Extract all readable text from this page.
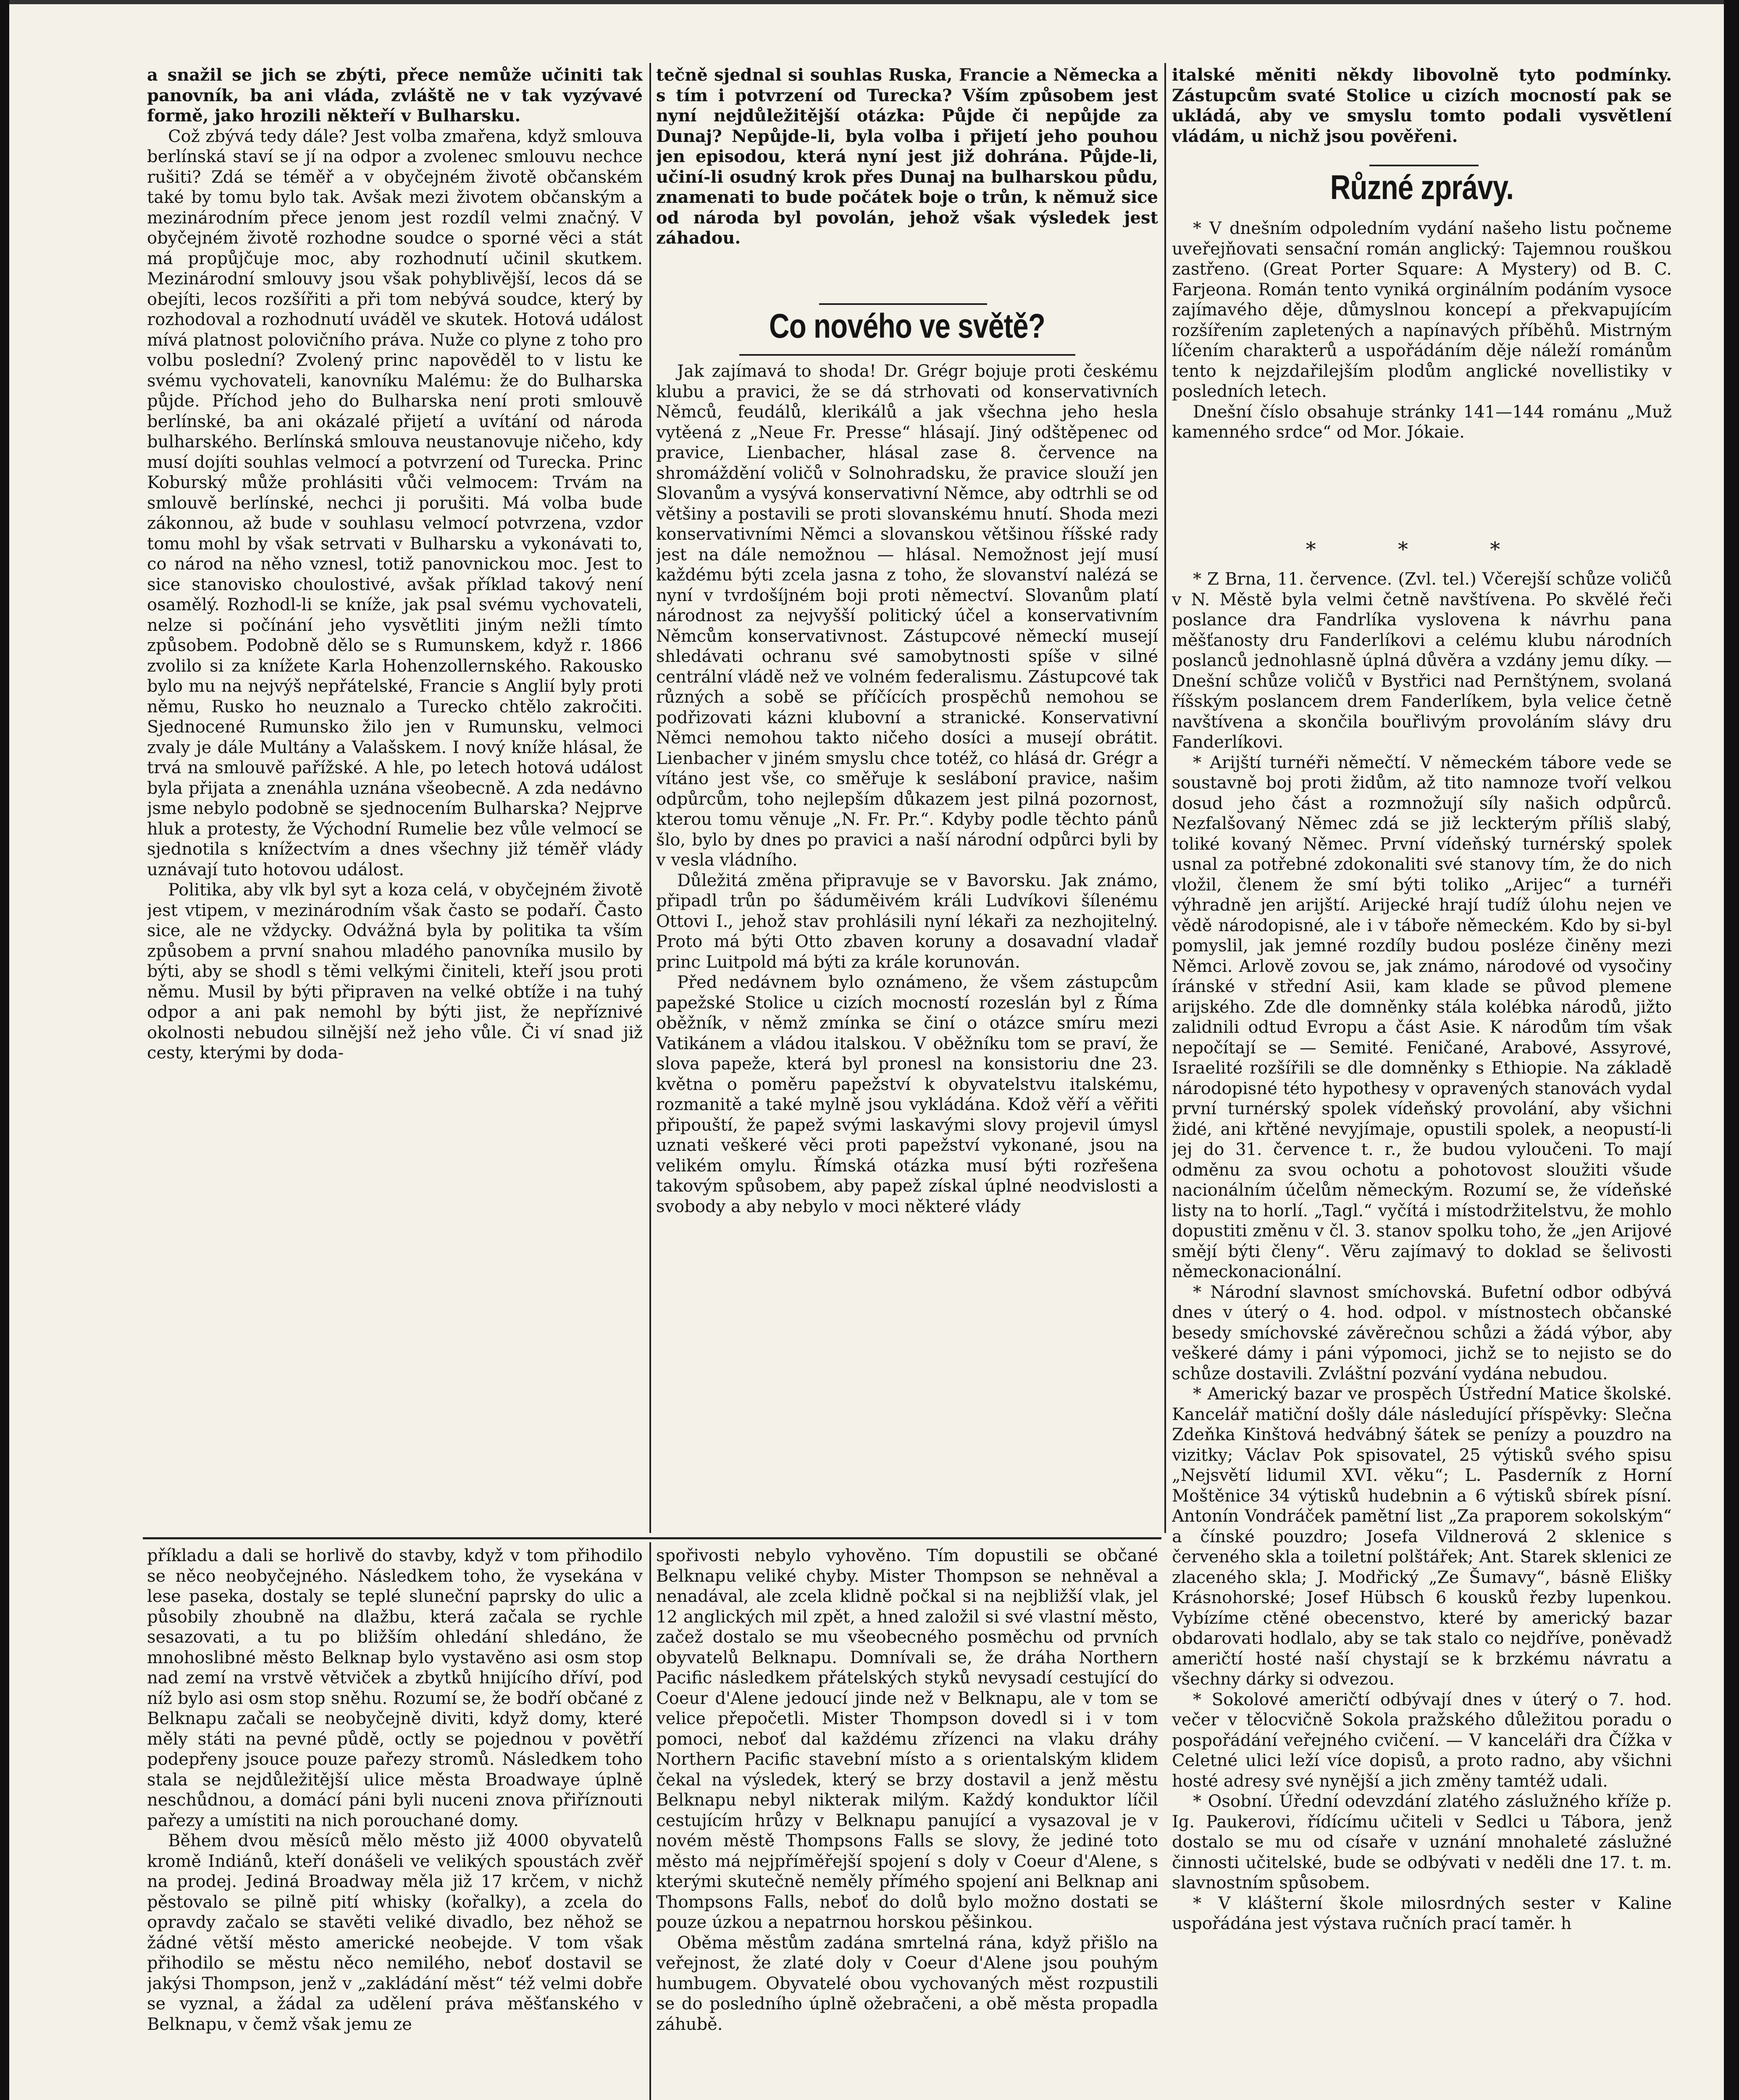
a snažil se jich se zbýti, přece nemůže učiniti tak panovník, ba ani vláda, zvláště ne v tak vyzývavé formě, jako hrozili někteří v Bulharsku.

Což zbývá tedy dále? Jest volba zmařena, když smlouva berlínská staví se jí na odpor a zvolenec smlouvu nechce rušiti? Zdá se téměř a v obyčejném životě občanském také by tomu bylo tak. Avšak mezi životem občanským a mezinárodním přece jenom jest rozdíl velmi značný. V obyčejném životě rozhodne soudce o sporné věci a stát má propůjčuje moc, aby rozhodnutí učinil skutkem. Mezinárodní smlouvy jsou však pohyblivější, lecos dá se obejíti, lecos rozšířiti a při tom nebývá soudce, který by rozhodoval a rozhodnutí uváděl ve skutek. Hotová událost mívá platnost polovičního práva. Nuže co plyne z toho pro volbu poslední? Zvolený princ napověděl to v listu ke svému vychovateli, kanovníku Malému: že do Bulharska půjde. Příchod jeho do Bulharska není proti smlouvě berlínské, ba ani okázalé přijetí a uvítání od národa bulharského. Berlínská smlouva neustanovuje ničeho, kdy musí dojíti souhlas velmocí a potvrzení od Turecka. Princ Koburský může prohlásiti vůči velmocem: Trvám na smlouvě berlínské, nechci ji porušiti. Má volba bude zákonnou, až bude v souhlasu velmocí potvrzena, vzdor tomu mohl by však setrvati v Bulharsku a vykonávati to, co národ na něho vznesl, totiž panovnickou moc. Jest to sice stanovisko choulostivé, avšak příklad takový není osamělý. Rozhodl-li se kníže, jak psal svému vychovateli, nelze si počínání jeho vysvětliti jiným nežli tímto způsobem. Podobně dělo se s Rumunskem, když r. 1866 zvolilo si za knížete Karla Hohenzollernského. Rakousko bylo mu na nejvýš nepřátelské, Francie s Anglií byly proti němu, Rusko ho neuznalo a Turecko chtělo zakročiti. Sjednocené Rumunsko žilo jen v Rumunsku, velmoci zvaly je dále Multány a Valašskem. I nový kníže hlásal, že trvá na smlouvě pařížské. A hle, po letech hotová událost byla přijata a znenáhla uznána všeobecně. A zda nedávno jsme nebylo podobně se sjednocením Bulharska? Nejprve hluk a protesty, že Východní Rumelie bez vůle velmocí se sjednotila s knížectvím a dnes všechny již téměř vlády uznávají tuto hotovou událost.

Politika, aby vlk byl syt a koza celá, v obyčejném životě jest vtipem, v mezinárodním však často se podaří. Často sice, ale ne vždycky. Odvážná byla by politika ta vším způsobem a první snahou mladého panovníka musilo by býti, aby se shodl s těmi velkými činiteli, kteří jsou proti němu. Musil by býti připraven na velké obtíže i na tuhý odpor a ani pak nemohl by býti jist, že nepříznivé okolnosti nebudou silnější než jeho vůle. Či ví snad již cesty, kterými by doda-

tečně sjednal si souhlas Ruska, Francie a Německa a s tím i potvrzení od Turecka? Vším způsobem jest nyní nejdůležitější otázka: Půjde či nepůjde za Dunaj? Nepůjde-li, byla volba i přijetí jeho pouhou jen episodou, která nyní jest již dohrána. Půjde-li, učiní-li osudný krok přes Dunaj na bulharskou půdu, znamenati to bude počátek boje o trůn, k němuž sice od národa byl povolán, jehož však výsledek jest záhadou.

Co nového ve světě?

Jak zajímavá to shoda! Dr. Grégr bojuje proti českému klubu a pravici, že se dá strhovati od konservativních Němců, feudálů, klerikálů a jak všechna jeho hesla vytěená z „Neue Fr. Presse“ hlásají. Jiný odštěpenec od pravice, Lienbacher, hlásal zase 8. července na shromáždění voličů v Solnohradsku, že pravice slouží jen Slovanům a vysývá konservativní Němce, aby odtrhli se od většiny a postavili se proti slovanskému hnutí. Shoda mezi konservativními Němci a slovanskou většinou říšské rady jest na dále nemožnou — hlásal. Nemožnost její musí každému býti zcela jasna z toho, že slovanství nalézá se nyní v tvrdošíjném boji proti němectví. Slovanům platí národnost za nejvyšší politický účel a konservativním Němcům konservativnost. Zástupcové německí musejí shledávati ochranu své samobytnosti spíše v silné centrální vládě než ve volném federalismu. Zástupcové tak různých a sobě se příčících prospěchů nemohou se podřizovati kázni klubovní a stranické. Konservativní Němci nemohou takto ničeho dosíci a musejí obrátit. Lienbacher v jiném smyslu chce totéž, co hlásá dr. Grégr a vítáno jest vše, co směřuje k sesláboní pravice, našim odpůrcům, toho nejlepším důkazem jest pilná pozornost, kterou tomu věnuje „N. Fr. Pr.“. Kdyby podle těchto pánů šlo, bylo by dnes po pravici a naší národní odpůrci byli by v vesla vládního.

Důležitá změna připravuje se v Bavorsku. Jak známo, připadl trůn po šáduměivém králi Ludvíkovi šílenému Ottovi I., jehož stav prohlásili nyní lékaři za nezhojitelný. Proto má býti Otto zbaven koruny a dosavadní vladař princ Luitpold má býti za krále korunován.

Před nedávnem bylo oznámeno, že všem zástupcům papežské Stolice u cizích mocností rozeslán byl z Říma oběžník, v němž zmínka se činí o otázce smíru mezi Vatikánem a vládou italskou. V oběžníku tom se praví, že slova papeže, která byl pronesl na konsistoriu dne 23. května o poměru papežství k obyvatelstvu italskému, rozmanitě a také mylně jsou vykládána. Kdož věří a věřiti připouští, že papež svými laskavými slovy projevil úmysl uznati veškeré věci proti papežství vykonané, jsou na velikém omylu. Římská otázka musí býti rozřešena takovým spůsobem, aby papež získal úplné neodvislosti a svobody a aby nebylo v moci některé vlády

italské měniti někdy libovolně tyto podmínky. Zástupcům svaté Stolice u cizích mocností pak se ukládá, aby ve smyslu tomto podali vysvětlení vládám, u nichž jsou pověřeni.

Různé zprávy.

* V dnešním odpoledním vydání našeho listu počneme uveřejňovati sensační román anglický: Tajemnou rouškou zastřeno. (Great Porter Square: A Mystery) od B. C. Farjeona. Román tento vyniká orginálním podáním vysoce zajímavého děje, důmyslnou koncepí a překvapujícím rozšířením zapletených a napínavých příběhů. Mistrným líčením charakterů a uspořádáním děje náleží románům tento k nejzdařilejším plodům anglické novellistiky v posledních letech.

Dnešní číslo obsahuje stránky 141—144 románu „Muž kamenného srdce“ od Mor. Jókaie.

* * *

* Z Brna, 11. července. (Zvl. tel.) Včerejší schůze voličů v N. Městě byla velmi četně navštívena. Po skvělé řeči poslance dra Fandrlíka vyslovena k návrhu pana měšťanosty dru Fanderlíkovi a celému klubu národních poslanců jednohlasně úplná důvěra a vzdány jemu díky. — Dnešní schůze voličů v Bystřici nad Pernštýnem, svolaná říšským poslancem drem Fanderlíkem, byla velice četně navštívena a skončila bouřlivým provoláním slávy dru Fanderlíkovi.

* Arijští turnéři němečtí. V německém tábore vede se soustavně boj proti židům, až tito namnoze tvoří velkou dosud jeho část a rozmnožují síly našich odpůrců. Nezfalšovaný Němec zdá se již leckterým příliš slabý, toliké kovaný Němec. První vídeňský turnérský spolek usnal za potřebné zdokonaliti své stanovy tím, že do nich vložil, členem že smí býti toliko „Arijec“ a turnéři výhradně jen arijští. Arijecké hrají tudíž úlohu nejen ve vědě národopisné, ale i v táboře německém. Kdo by si-byl pomyslil, jak jemné rozdíly budou posléze činěny mezi Němci. Arlově zovou se, jak známo, národové od vysočiny íránské v střední Asii, kam klade se původ plemene arijského. Zde dle domněnky stála kolébka národů, jižto zalidnili odtud Evropu a část Asie. K národům tím však nepočítají se — Semité. Feničané, Arabové, Assyrové, Israelité rozšířili se dle domněnky s Ethiopie. Na základě národopisné této hypothesy v opravených stanovách vydal první turnérský spolek vídeňský provolání, aby všichni židé, ani křtěné nevyjímaje, opustili spolek, a neopustí-li jej do 31. července t. r., že budou vyloučeni. To mají odměnu za svou ochotu a pohotovost sloužiti všude nacionálním účelům německým. Rozumí se, že vídeňské listy na to horlí. „Tagl.“ vyčítá i místodržitelstvu, že mohlo dopustiti změnu v čl. 3. stanov spolku toho, že „jen Arijové smějí býti členy“. Věru zajímavý to doklad se šelivosti německonacionální.

* Národní slavnost smíchovská. Bufetní odbor odbývá dnes v úterý o 4. hod. odpol. v místnostech občanské besedy smíchovské závěrečnou schůzi a žádá výbor, aby veškeré dámy i páni výpomoci, jichž se to nejisto se do schůze dostavili. Zvláštní pozvání vydána nebudou.

* Americký bazar ve prospěch Ústřední Matice školské. Kancelář matiční došly dále následující příspěvky: Slečna Zdeňka Kinštová hedvábný šátek se penízy a pouzdro na vizitky; Václav Pok spisovatel, 25 výtisků svého spisu „Nejsvětí lidumil XVI. věku“; L. Pasderník z Horní Moštěnice 34 výtisků hudebnin a 6 výtisků sbírek písní. Antonín Vondráček pamětní list „Za praporem sokolským“ a čínské pouzdro; Josefa Vildnerová 2 sklenice s červeného skla a toiletní polštářek; Ant. Starek sklenici ze zlaceného skla; J. Modřický „Ze Šumavy“, básně Elišky Krásnohorské; Josef Hübsch 6 kousků řezby lupenkou. Vybízíme ctěné obecenstvo, které by americký bazar obdarovati hodlalo, aby se tak stalo co nejdříve, poněvadž američtí hosté naší chystají se k brzkému návratu a všechny dárky si odvezou.

* Sokolové američtí odbývají dnes v úterý o 7. hod. večer v tělocvičně Sokola pražského důležitou poradu o pospořádání veřejného cvičení. — V kanceláři dra Čížka v Celetné ulici leží více dopisů, a proto radno, aby všichni hosté adresy své nynější a jich změny tamtéž udali.

* Osobní. Úřední odevzdání zlatého záslužného kříže p. Ig. Paukerovi, řídícímu učiteli v Sedlci u Tábora, jenž dostalo se mu od císaře v uznání mnohaleté záslužné činnosti učitelské, bude se odbývati v neděli dne 17. t. m. slavnostním spůsobem.

* V klášterní škole milosrdných sester v Kaline uspořádána jest výstava ručních prací taměr. h

příkladu a dali se horlivě do stavby, když v tom přihodilo se něco neobyčejného. Následkem toho, že vysekána v lese paseka, dostaly se teplé sluneční paprsky do ulic a působily zhoubně na dlažbu, která začala se rychle sesazovati, a tu po bližším ohledání shledáno, že mnohoslibné město Belknap bylo vystavěno asi osm stop nad zemí na vrstvě větviček a zbytků hnijícího dříví, pod níž bylo asi osm stop sněhu. Rozumí se, že bodří občané z Belknapu začali se neobyčejně diviti, když domy, které měly státi na pevné půdě, octly se pojednou v povětří podepřeny jsouce pouze pařezy stromů. Následkem toho stala se nejdůležitější ulice města Broadwaye úplně neschůdnou, a domácí páni byli nuceni znova přiříznouti pařezy a umístiti na nich porouchané domy.

Během dvou měsíců mělo město již 4000 obyvatelů kromě Indiánů, kteří donášeli ve velikých spoustách zvěř na prodej. Jediná Broadway měla již 17 krčem, v nichž pěstovalo se pilně pití whisky (kořalky), a zcela do opravdy začalo se stavěti veliké divadlo, bez něhož se žádné větší město americké neobejde. V tom však přihodilo se městu něco nemilého, neboť dostavil se jakýsi Thompson, jenž v „zakládání měst“ též velmi dobře se vyznal, a žádal za udělení práva měšťanského v Belknapu, v čemž však jemu ze

spořivosti nebylo vyhověno. Tím dopustili se občané Belknapu veliké chyby. Mister Thompson se nehněval a nenadával, ale zcela klidně počkal si na nejbližší vlak, jel 12 anglických mil zpět, a hned založil si své vlastní město, začež dostalo se mu všeobecného posměchu od prvních obyvatelů Belknapu. Domnívali se, že dráha Northern Pacific následkem přátelských styků nevysadí cestující do Coeur d'Alene jedoucí jinde než v Belknapu, ale v tom se velice přepočetli. Mister Thompson dovedl si i v tom pomoci, neboť dal každému zřízenci na vlaku dráhy Northern Pacific stavební místo a s orientalským klidem čekal na výsledek, který se brzy dostavil a jenž městu Belknapu nebyl nikterak milým. Každý konduktor líčil cestujícím hrůzy v Belknapu panující a vysazoval je v novém městě Thompsons Falls se slovy, že jediné toto město má nejpříměřejší spojení s doly v Coeur d'Alene, s kterými skutečně neměly přímého spojení ani Belknap ani Thompsons Falls, neboť do dolů bylo možno dostati se pouze úzkou a nepatrnou horskou pěšinkou.

Oběma městům zadána smrtelná rána, když přišlo na veřejnost, že zlaté doly v Coeur d'Alene jsou pouhým humbugem. Obyvatelé obou vychovaných měst rozpustili se do posledního úplně ožebračeni, a obě města propadla záhubě.
